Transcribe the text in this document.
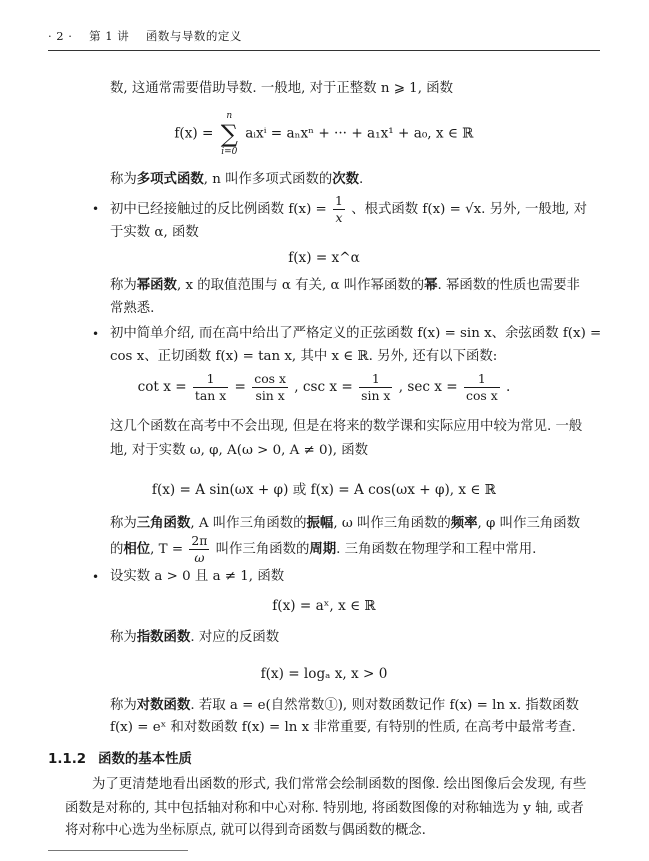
· 2 · 第 1 讲 函数与导数的定义
数, 这通常需要借助导数. 一般地, 对于正整数 n ⩾ 1, 函数
f(x) =
n
∑
i=0
aᵢxⁱ = aₙxⁿ + ··· + a₁x¹ + a₀, x ∈ ℝ
称为多项式函数, n 叫作多项式函数的次数.
• 初中已经接触过的反比例函数 $f(x) = \frac{1}{x}$ 、根式函数 f(x) = √x. 另外, 一般地, 对
于实数 α, 函数
f(x) = x^α
称为幂函数, x 的取值范围与 α 有关, α 叫作幂函数的幂. 幂函数的性质也需要非
常熟悉.
• 初中简单介绍, 而在高中给出了严格定义的正弦函数 f(x) = sin x、余弦函数 f(x) =
cos x、正切函数 f(x) = tan x, 其中 x ∈ ℝ. 另外, 还有以下函数:
$\cot x = \frac{1}{\text{tan x}} = \frac{\text{cos x}}{\text{sin x}}$ , $\csc x = \frac{1}{\text{sin x}}$ , $\sec x = \frac{1}{\text{cos x}}$ .
这几个函数在高考中不会出现, 但是在将来的数学课和实际应用中较为常见. 一般
地, 对于实数 ω, φ, A(ω > 0, A ≠ 0), 函数
f(x) = A sin(ωx + φ) 或 f(x) = A cos(ωx + φ), x ∈ ℝ
称为三角函数, A 叫作三角函数的振幅, ω 叫作三角函数的频率, φ 叫作三角函数
的相位, $T = \frac{2\pi}{\omega}$ 叫作三角函数的周期. 三角函数在物理学和工程中常用.
• 设实数 a > 0 且 a ≠ 1, 函数
f(x) = aˣ, x ∈ ℝ
称为指数函数. 对应的反函数
f(x) = logₐ x, x > 0
称为对数函数. 若取 a = e(自然常数①), 则对数函数记作 f(x) = ln x. 指数函数
f(x) = eˣ 和对数函数 f(x) = ln x 非常重要, 有特别的性质, 在高考中最常考查.
1.1.2 函数的基本性质
为了更清楚地看出函数的形式, 我们常常会绘制函数的图像. 绘出图像后会发现, 有些
函数是对称的, 其中包括轴对称和中心对称. 特别地, 将函数图像的对称轴选为 y 轴, 或者
将对称中心选为坐标原点, 就可以得到奇函数与偶函数的概念.
